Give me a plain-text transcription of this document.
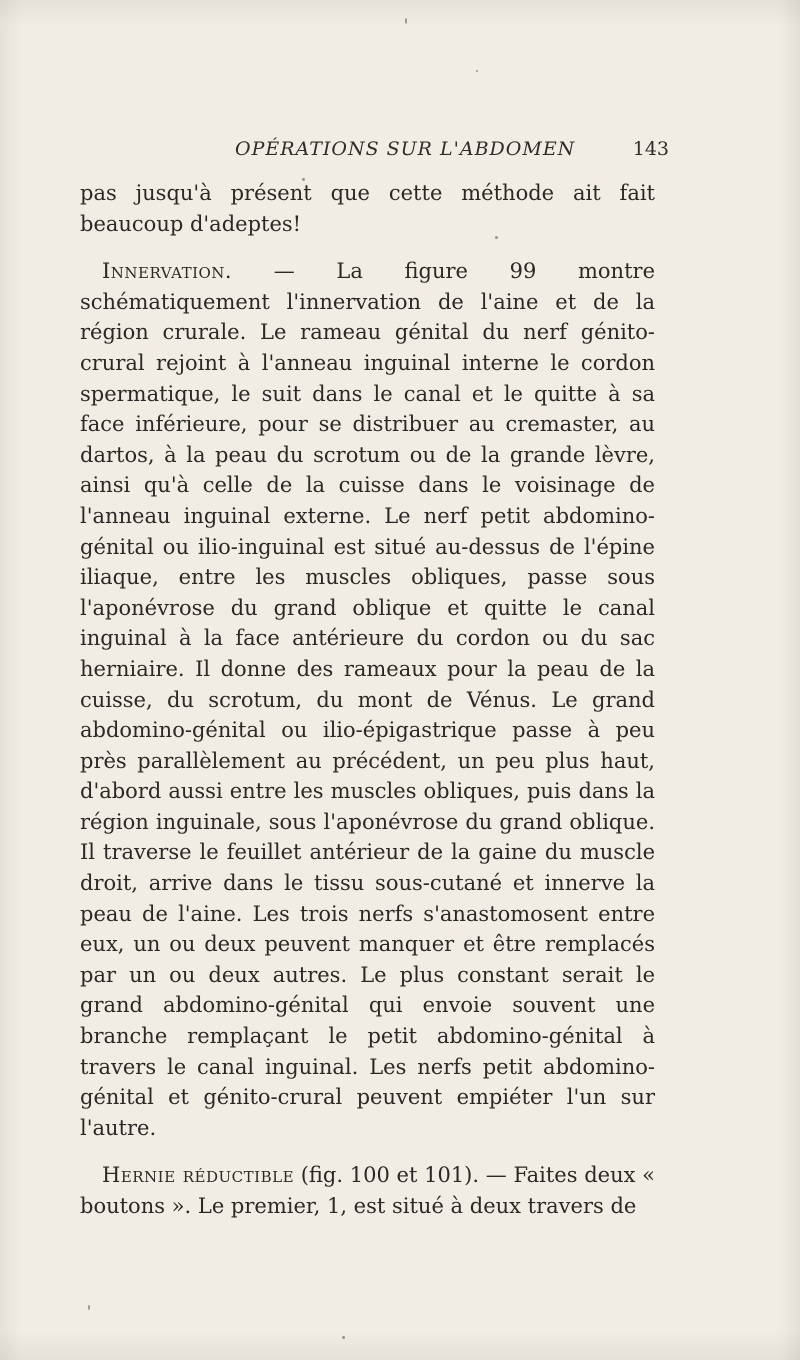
OPÉRATIONS SUR L'ABDOMEN	143

pas jusqu'à présent que cette méthode ait fait beaucoup d'adeptes!

Innervation. — La figure 99 montre schématiquement l'innervation de l'aine et de la région crurale. Le rameau génital du nerf génito-crural rejoint à l'anneau inguinal interne le cordon spermatique, le suit dans le canal et le quitte à sa face inférieure, pour se distribuer au cremaster, au dartos, à la peau du scrotum ou de la grande lèvre, ainsi qu'à celle de la cuisse dans le voisinage de l'anneau inguinal externe. Le nerf petit abdomino-génital ou ilio-inguinal est situé au-dessus de l'épine iliaque, entre les muscles obliques, passe sous l'aponévrose du grand oblique et quitte le canal inguinal à la face antérieure du cordon ou du sac herniaire. Il donne des rameaux pour la peau de la cuisse, du scrotum, du mont de Vénus. Le grand abdomino-génital ou ilio-épigastrique passe à peu près parallèlement au précédent, un peu plus haut, d'abord aussi entre les muscles obliques, puis dans la région inguinale, sous l'aponévrose du grand oblique. Il traverse le feuillet antérieur de la gaine du muscle droit, arrive dans le tissu sous-cutané et innerve la peau de l'aine. Les trois nerfs s'anastomosent entre eux, un ou deux peuvent manquer et être remplacés par un ou deux autres. Le plus constant serait le grand abdomino-génital qui envoie souvent une branche remplaçant le petit abdomino-génital à travers le canal inguinal. Les nerfs petit abdomino-génital et génito-crural peuvent empiéter l'un sur l'autre.

Hernie réductible (fig. 100 et 101). — Faites deux « boutons ». Le premier, 1, est situé à deux travers de
